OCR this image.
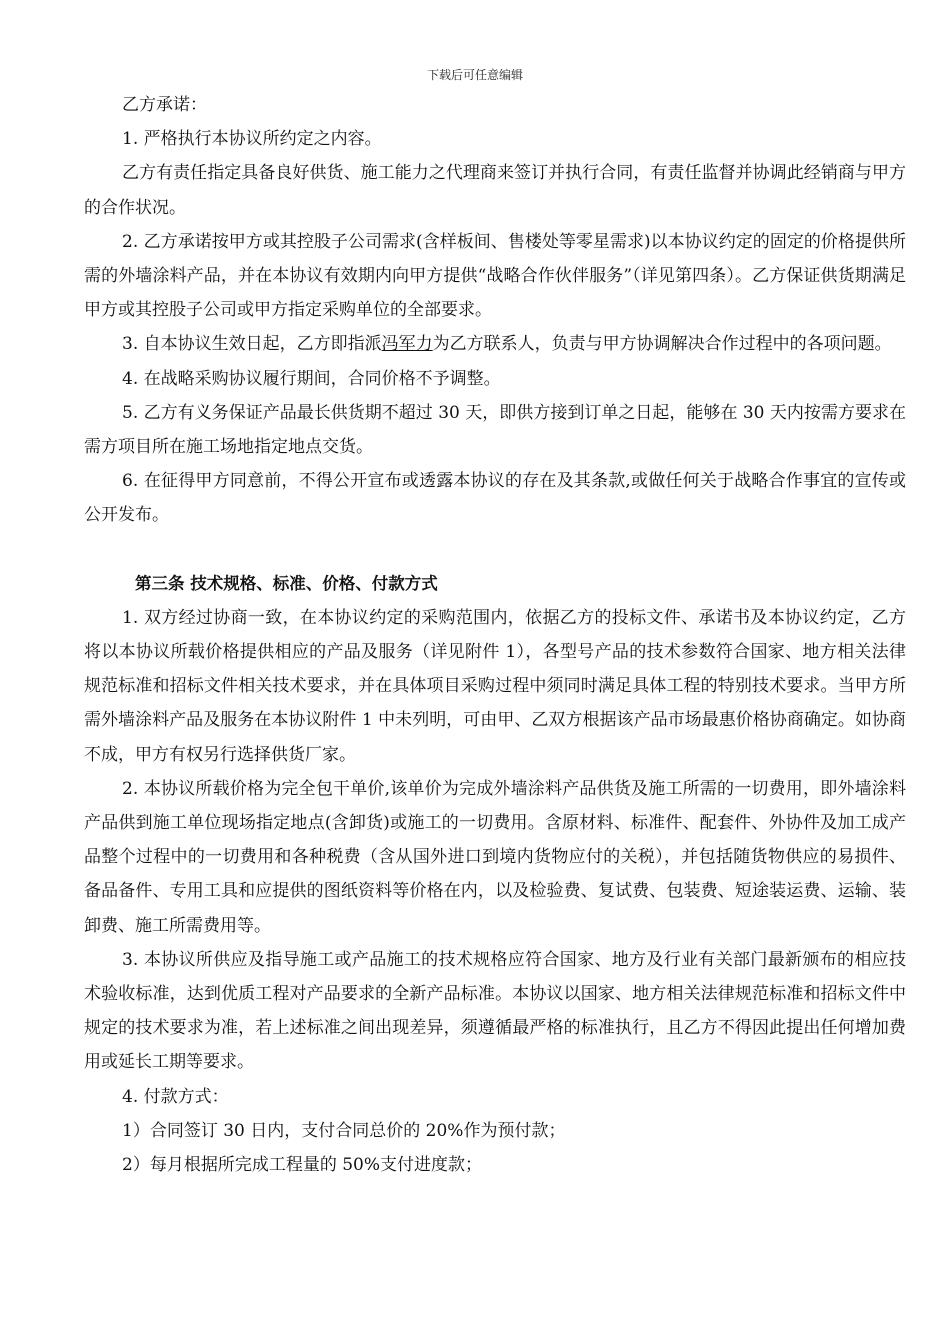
下载后可任意编辑

乙方承诺：

1. 严格执行本协议所约定之内容。

乙方有责任指定具备良好供货、施工能力之代理商来签订并执行合同，有责任监督并协调此经销商与甲方的合作状况。

2. 乙方承诺按甲方或其控股子公司需求(含样板间、售楼处等零星需求)以本协议约定的固定的价格提供所需的外墙涂料产品，并在本协议有效期内向甲方提供“战略合作伙伴服务”（详见第四条）。乙方保证供货期满足甲方或其控股子公司或甲方指定采购单位的全部要求。

3. 自本协议生效日起，乙方即指派冯军力为乙方联系人，负责与甲方协调解决合作过程中的各项问题。

4. 在战略采购协议履行期间，合同价格不予调整。

5. 乙方有义务保证产品最长供货期不超过 30 天，即供方接到订单之日起，能够在 30 天内按需方要求在需方项目所在施工场地指定地点交货。

6. 在征得甲方同意前，不得公开宣布或透露本协议的存在及其条款,或做任何关于战略合作事宜的宣传或公开发布。

第三条 技术规格、标准、价格、付款方式

1. 双方经过协商一致，在本协议约定的采购范围内，依据乙方的投标文件、承诺书及本协议约定，乙方将以本协议所载价格提供相应的产品及服务（详见附件 1），各型号产品的技术参数符合国家、地方相关法律规范标准和招标文件相关技术要求，并在具体项目采购过程中须同时满足具体工程的特别技术要求。当甲方所需外墙涂料产品及服务在本协议附件 1 中未列明，可由甲、乙双方根据该产品市场最惠价格协商确定。如协商不成，甲方有权另行选择供货厂家。

2. 本协议所载价格为完全包干单价,该单价为完成外墙涂料产品供货及施工所需的一切费用，即外墙涂料产品供到施工单位现场指定地点(含卸货)或施工的一切费用。含原材料、标准件、配套件、外协件及加工成产品整个过程中的一切费用和各种税费（含从国外进口到境内货物应付的关税），并包括随货物供应的易损件、备品备件、专用工具和应提供的图纸资料等价格在内，以及检验费、复试费、包装费、短途装运费、运输、装卸费、施工所需费用等。

3. 本协议所供应及指导施工或产品施工的技术规格应符合国家、地方及行业有关部门最新颁布的相应技术验收标准，达到优质工程对产品要求的全新产品标准。本协议以国家、地方相关法律规范标准和招标文件中规定的技术要求为准，若上述标准之间出现差异，须遵循最严格的标准执行，且乙方不得因此提出任何增加费用或延长工期等要求。

4. 付款方式：

1）合同签订 30 日内，支付合同总价的 20%作为预付款；

2）每月根据所完成工程量的 50%支付进度款；
